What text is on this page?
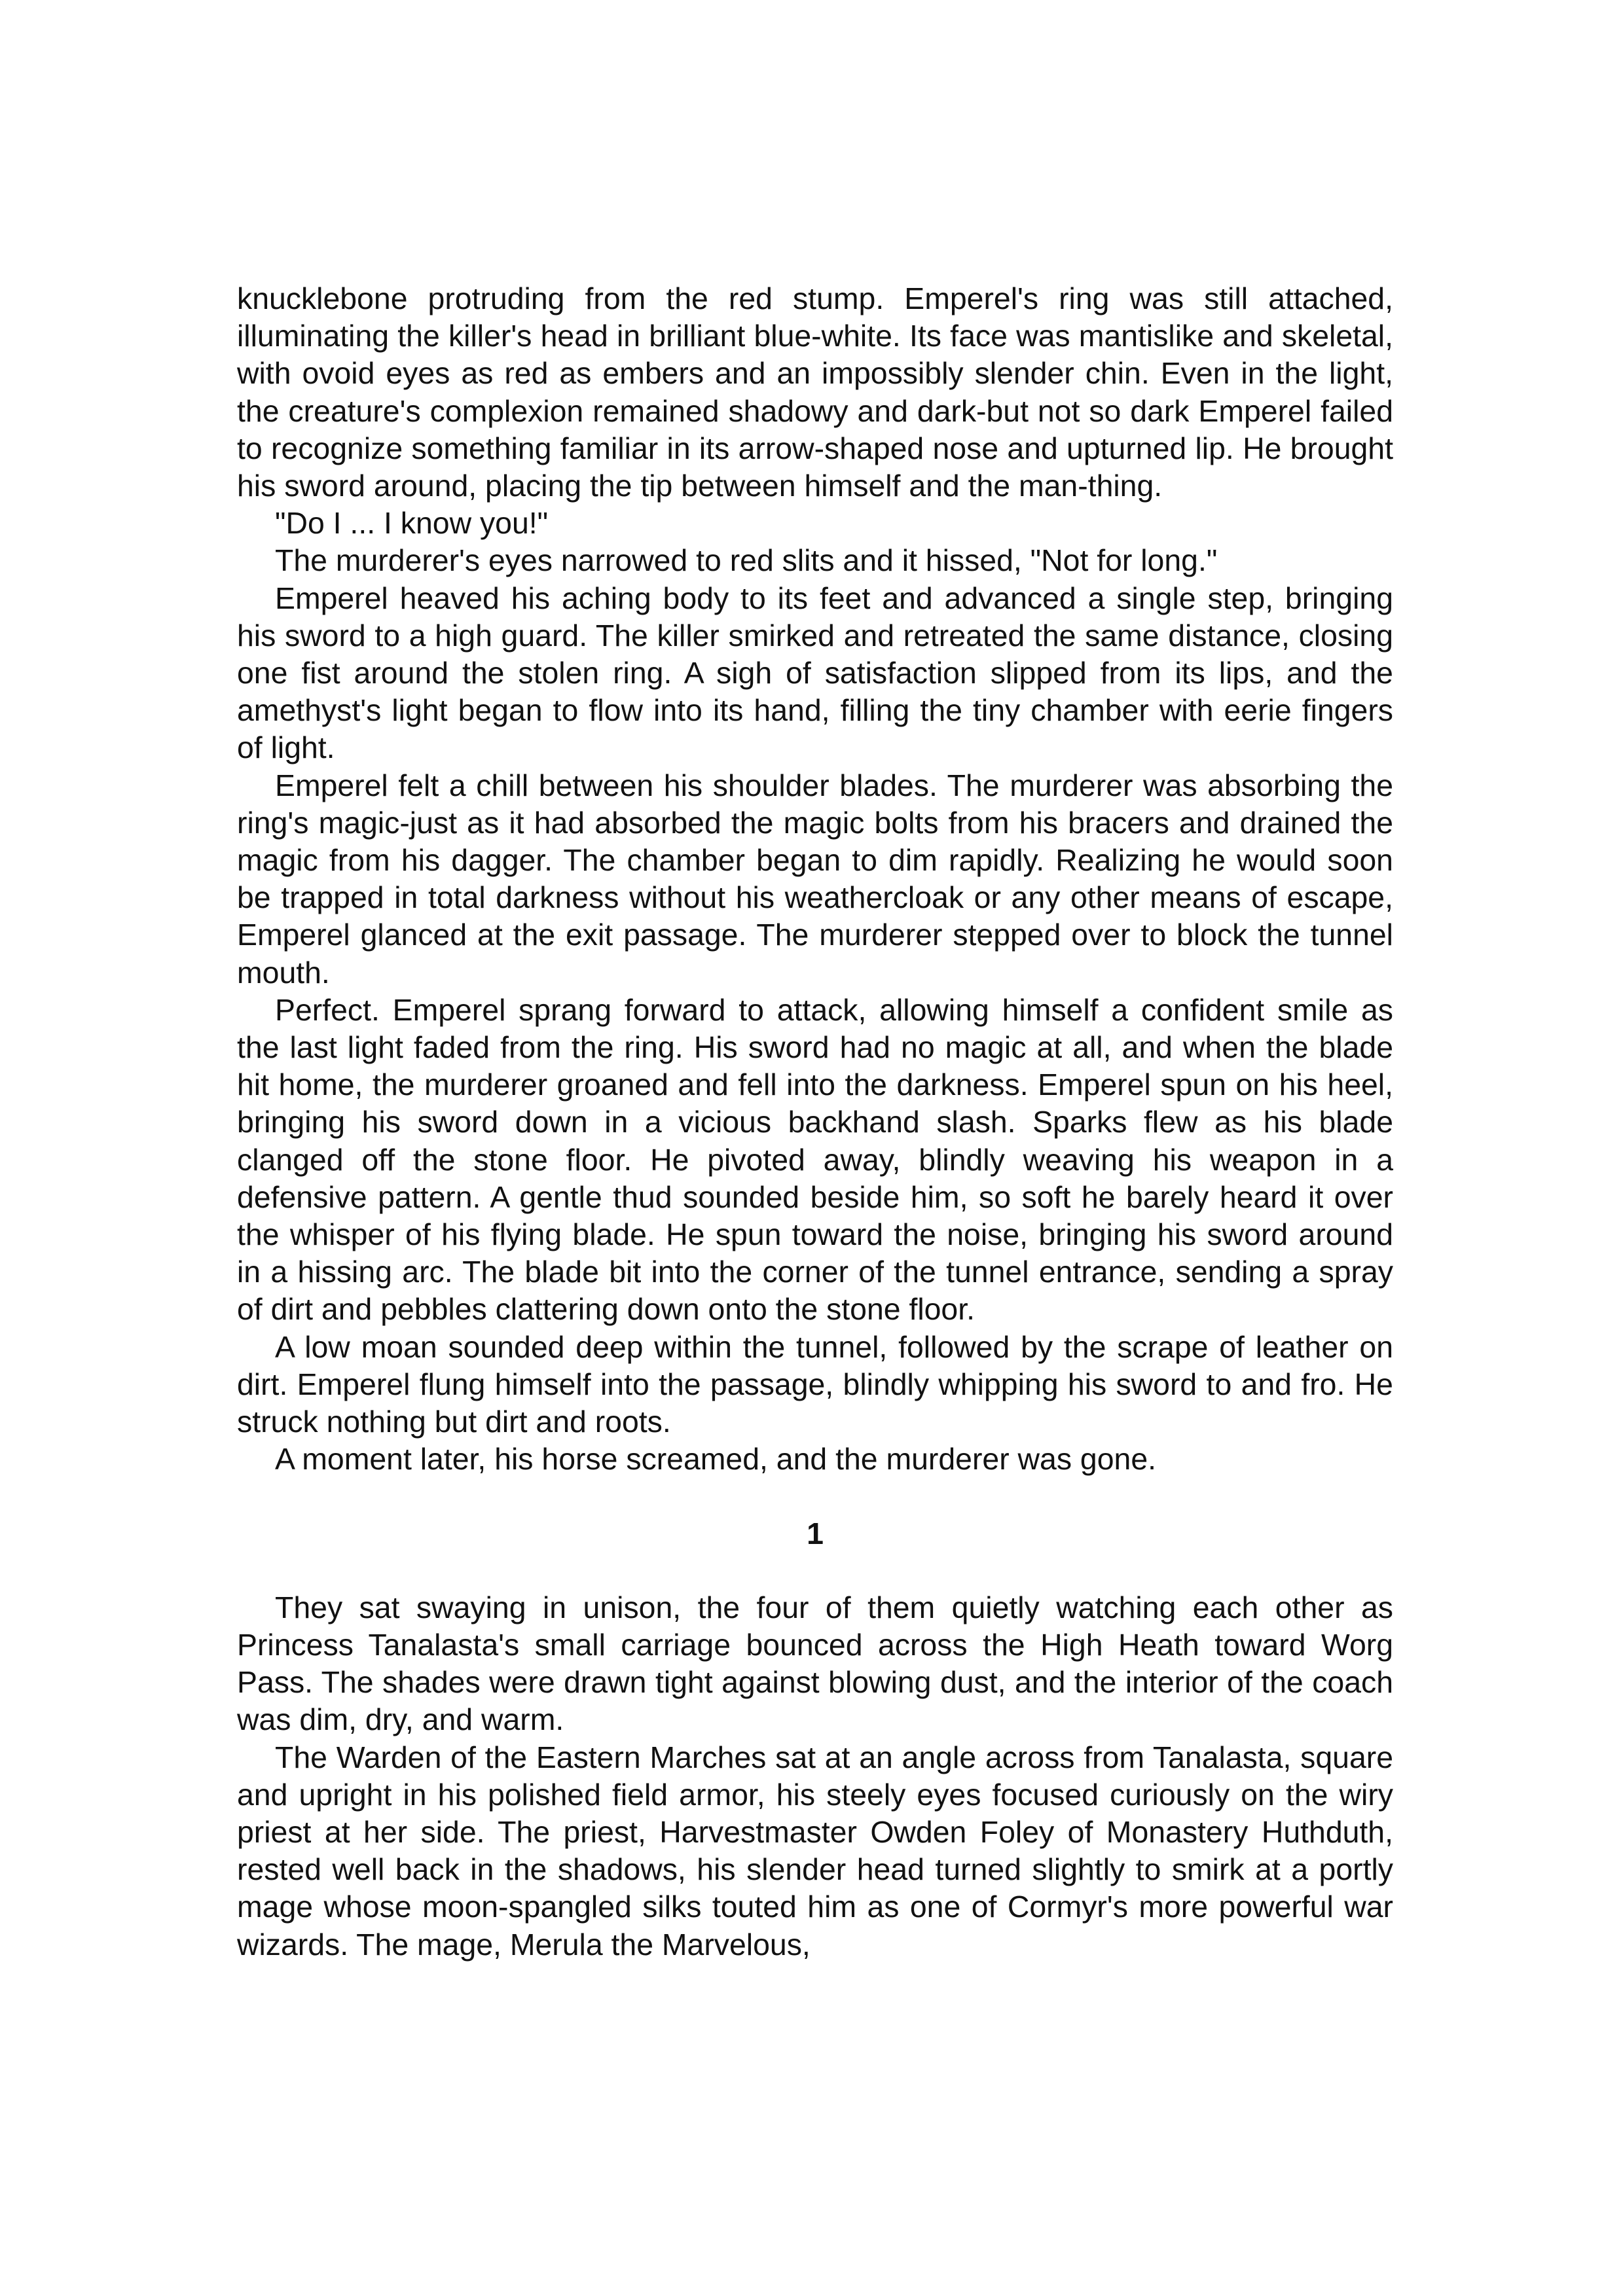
knucklebone protruding from the red stump. Emperel's ring was still attached, illuminating the killer's head in brilliant blue-white. Its face was mantislike and skeletal, with ovoid eyes as red as embers and an impossibly slender chin. Even in the light, the creature's complexion remained shadowy and dark-but not so dark Emperel failed to recognize something familiar in its arrow-shaped nose and upturned lip. He brought his sword around, placing the tip between himself and the man-thing.

"Do I ... I know you!"

The murderer's eyes narrowed to red slits and it hissed, "Not for long."

Emperel heaved his aching body to its feet and advanced a single step, bringing his sword to a high guard. The killer smirked and retreated the same distance, closing one fist around the stolen ring. A sigh of satisfaction slipped from its lips, and the amethyst's light began to flow into its hand, filling the tiny chamber with eerie fingers of light.

Emperel felt a chill between his shoulder blades. The murderer was absorbing the ring's magic-just as it had absorbed the magic bolts from his bracers and drained the magic from his dagger. The chamber began to dim rapidly. Realizing he would soon be trapped in total darkness without his weathercloak or any other means of escape, Emperel glanced at the exit passage. The murderer stepped over to block the tunnel mouth.

Perfect. Emperel sprang forward to attack, allowing himself a confident smile as the last light faded from the ring. His sword had no magic at all, and when the blade hit home, the murderer groaned and fell into the darkness. Emperel spun on his heel, bringing his sword down in a vicious backhand slash. Sparks flew as his blade clanged off the stone floor. He pivoted away, blindly weaving his weapon in a defensive pattern. A gentle thud sounded beside him, so soft he barely heard it over the whisper of his flying blade. He spun toward the noise, bringing his sword around in a hissing arc. The blade bit into the corner of the tunnel entrance, sending a spray of dirt and pebbles clattering down onto the stone floor.

A low moan sounded deep within the tunnel, followed by the scrape of leather on dirt. Emperel flung himself into the passage, blindly whipping his sword to and fro. He struck nothing but dirt and roots.

A moment later, his horse screamed, and the murderer was gone.

1

They sat swaying in unison, the four of them quietly watching each other as Princess Tanalasta's small carriage bounced across the High Heath toward Worg Pass. The shades were drawn tight against blowing dust, and the interior of the coach was dim, dry, and warm.

The Warden of the Eastern Marches sat at an angle across from Tanalasta, square and upright in his polished field armor, his steely eyes focused curiously on the wiry priest at her side. The priest, Harvestmaster Owden Foley of Monastery Huthduth, rested well back in the shadows, his slender head turned slightly to smirk at a portly mage whose moon-spangled silks touted him as one of Cormyr's more powerful war wizards. The mage, Merula the Marvelous,
